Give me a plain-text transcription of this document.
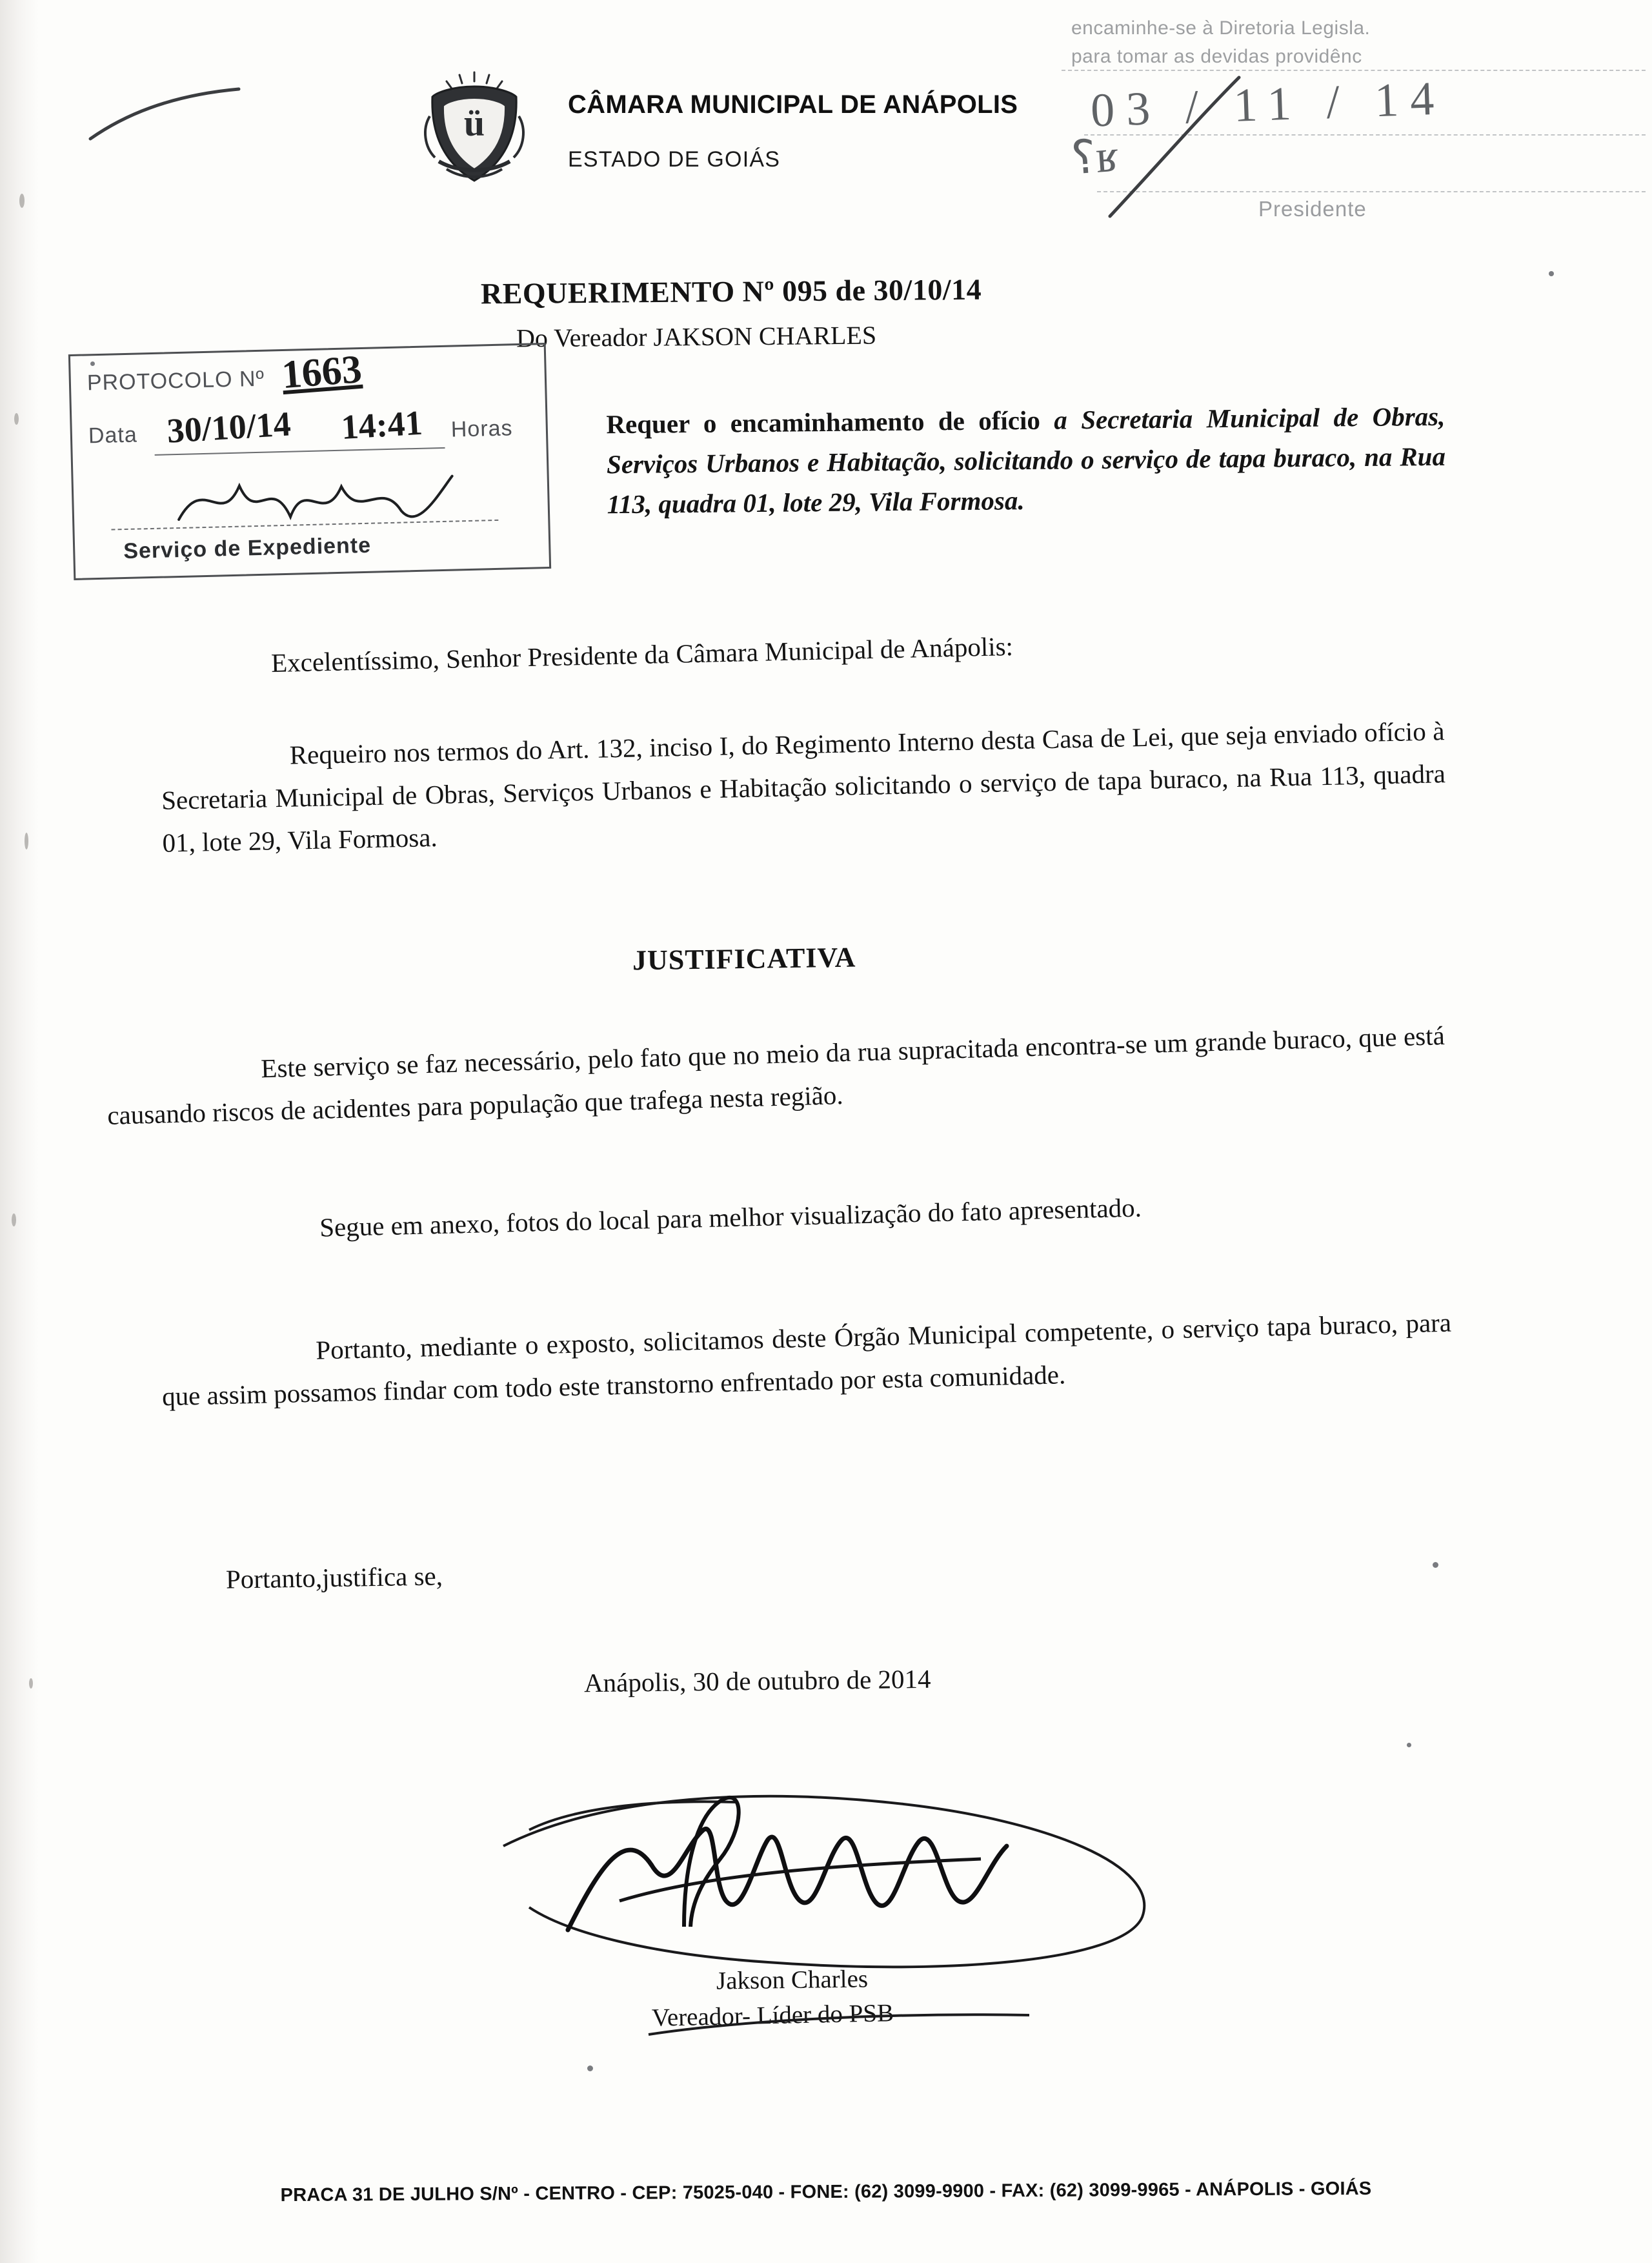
encaminhe-se à Diretoria Legisla.
para tomar as devidas providênc
03 / 11 / 14
⸮ʁ
Presidente
ü	CÂMARA MUNICIPAL DE ANÁPOLIS
ESTADO DE GOIÁS
REQUERIMENTO Nº 095 de 30/10/14
Do Vereador JAKSON CHARLES
PROTOCOLO Nº 1663
Data 30/10/14 14:41 Horas
Serviço de Expediente
Requer o encaminhamento de ofício a Secretaria Municipal de Obras, Serviços Urbanos e Habitação, solicitando o serviço de tapa buraco, na Rua 113, quadra 01, lote 29, Vila Formosa.
Excelentíssimo, Senhor Presidente da Câmara Municipal de Anápolis:
Requeiro nos termos do Art. 132, inciso I, do Regimento Interno desta Casa de Lei, que seja enviado ofício à Secretaria Municipal de Obras, Serviços Urbanos e Habitação solicitando o serviço de tapa buraco, na Rua 113, quadra 01, lote 29, Vila Formosa.
JUSTIFICATIVA
Este serviço se faz necessário, pelo fato que no meio da rua supracitada encontra-se um grande buraco, que está causando riscos de acidentes para população que trafega nesta região.
Segue em anexo, fotos do local para melhor visualização do fato apresentado.
Portanto, mediante o exposto, solicitamos deste Órgão Municipal competente, o serviço tapa buraco, para que assim possamos findar com todo este transtorno enfrentado por esta comunidade.
Portanto,justifica se,
Anápolis, 30 de outubro de 2014
Jakson Charles
Vereador- Líder do PSB
PRACA 31 DE JULHO S/Nº - CENTRO - CEP: 75025-040 - FONE: (62) 3099-9900 - FAX: (62) 3099-9965 - ANÁPOLIS - GOIÁS
